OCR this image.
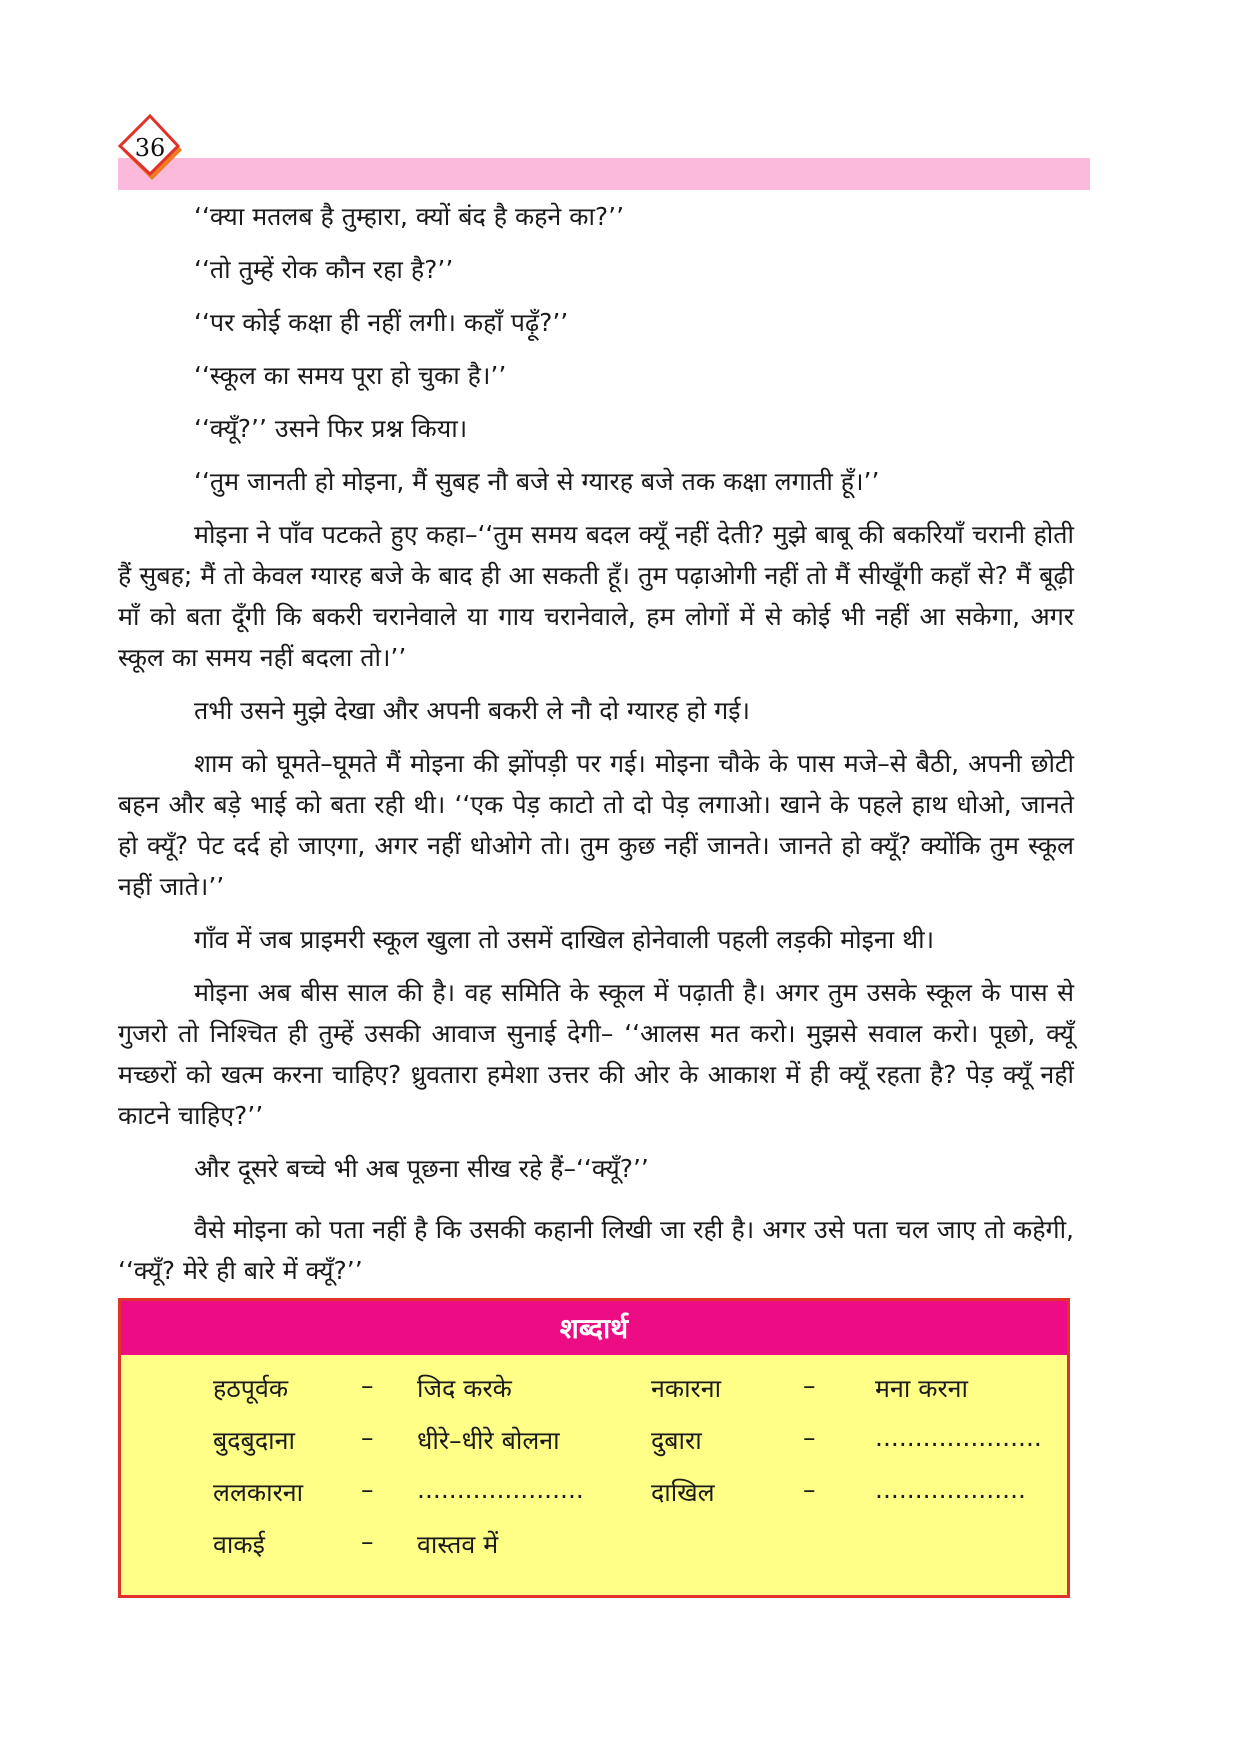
36

‘‘क्या मतलब है तुम्हारा, क्यों बंद है कहने का?’’

‘‘तो तुम्हें रोक कौन रहा है?’’

‘‘पर कोई कक्षा ही नहीं लगी। कहाँ पढ़ूँ?’’

‘‘स्कूल का समय पूरा हो चुका है।’’

‘‘क्यूँ?’’ उसने फिर प्रश्न किया।

‘‘तुम जानती हो मोइना, मैं सुबह नौ बजे से ग्यारह बजे तक कक्षा लगाती हूँ।’’

मोइना ने पाँव पटकते हुए कहा–‘‘तुम समय बदल क्यूँ नहीं देती? मुझे बाबू की बकरियाँ चरानी होती हैं सुबह; मैं तो केवल ग्यारह बजे के बाद ही आ सकती हूँ। तुम पढ़ाओगी नहीं तो मैं सीखूँगी कहाँ से? मैं बूढ़ी माँ को बता दूँगी कि बकरी चरानेवाले या गाय चरानेवाले, हम लोगों में से कोई भी नहीं आ सकेगा, अगर स्कूल का समय नहीं बदला तो।’’

तभी उसने मुझे देखा और अपनी बकरी ले नौ दो ग्यारह हो गई।

शाम को घूमते–घूमते मैं मोइना की झोंपड़ी पर गई। मोइना चौके के पास मजे–से बैठी, अपनी छोटी बहन और बड़े भाई को बता रही थी। ‘‘एक पेड़ काटो तो दो पेड़ लगाओ। खाने के पहले हाथ धोओ, जानते हो क्यूँ? पेट दर्द हो जाएगा, अगर नहीं धोओगे तो। तुम कुछ नहीं जानते। जानते हो क्यूँ? क्योंकि तुम स्कूल नहीं जाते।’’

गाँव में जब प्राइमरी स्कूल खुला तो उसमें दाखिल होनेवाली पहली लड़की मोइना थी।

मोइना अब बीस साल की है। वह समिति के स्कूल में पढ़ाती है। अगर तुम उसके स्कूल के पास से गुजरो तो निश्चित ही तुम्हें उसकी आवाज सुनाई देगी– ‘‘आलस मत करो। मुझसे सवाल करो। पूछो, क्यूँ मच्छरों को खत्म करना चाहिए? ध्रुवतारा हमेशा उत्तर की ओर के आकाश में ही क्यूँ रहता है? पेड़ क्यूँ नहीं काटने चाहिए?’’

और दूसरे बच्चे भी अब पूछना सीख रहे हैं–‘‘क्यूँ?’’

वैसे मोइना को पता नहीं है कि उसकी कहानी लिखी जा रही है। अगर उसे पता चल जाए तो कहेगी, ‘‘क्यूँ? मेरे ही बारे में क्यूँ?’’

शब्दार्थ
हठपूर्वक	– जिद करके	नकारना	– मना करना
बुदबुदाना	– धीरे–धीरे बोलना	दुबारा	– .....................
ललकारना – .....................	दाखिल	– ...................
वाकई	– वास्तव में
